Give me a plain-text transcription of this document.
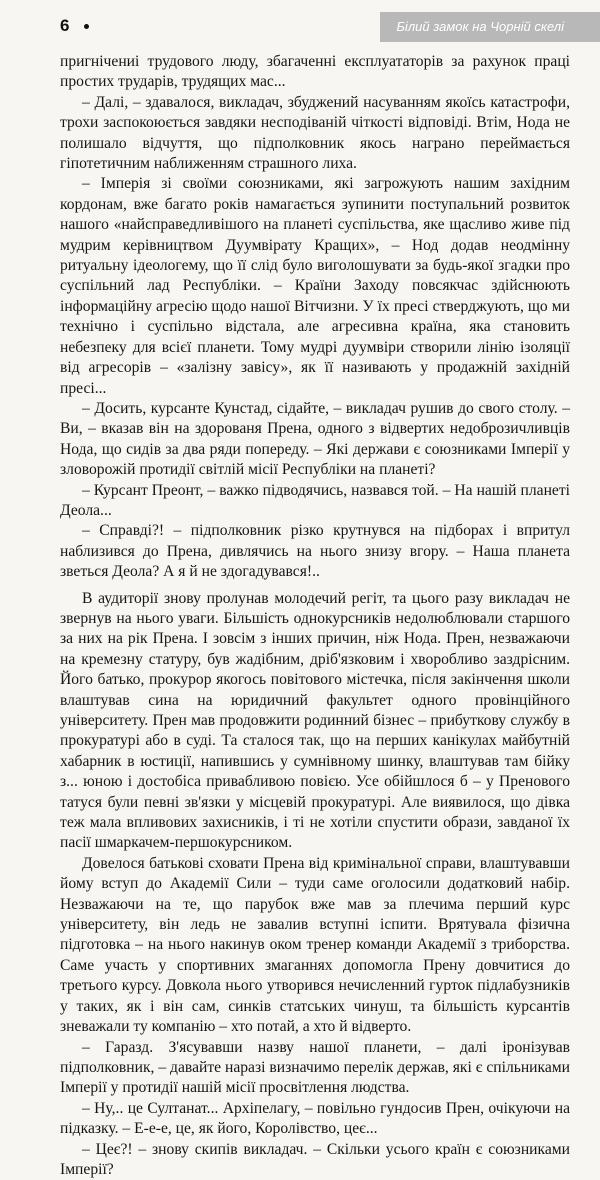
6	Білий замок на Чорній скелі

пригнічениі трудового люду, збагаченні експлуататорів за рахунок праці простих трударів, трудящих мас...

– Далі, – здавалося, викладач, збуджений насуванням якоїсь катастрофи, трохи заспокоюється завдяки несподіваній чіткості відповіді. Втім, Нода не полишало відчуття, що підполковник якось награно переймається гіпотетичним наближенням страшного лиха.

– Імперія зі своїми союзниками, які загрожують нашим західним кордонам, вже багато років намагається зупинити поступальний розвиток нашого «найсправедливішого на планеті суспільства, яке щасливо живе під мудрим керівництвом Дуумвірату Кращих», – Нод додав неодмінну ритуальну ідеологему, що її слід було виголошувати за будь-якої згадки про суспільний лад Республіки. – Країни Заходу повсякчас здійснюють інформаційну агресію щодо нашої Вітчизни. У їх пресі стверджують, що ми технічно і суспільно відстала, але агресивна країна, яка становить небезпеку для всієї планети. Тому мудрі дуумвіри створили лінію ізоляції від агресорів – «залізну завісу», як її називають у продажній західній пресі...

– Досить, курсанте Кунстад, сідайте, – викладач рушив до свого столу. – Ви, – вказав він на здорованя Прена, одного з відвертих недоброзичливців Нода, що сидів за два ряди попереду. – Які держави є союзниками Імперії у зловорожій протидії світлій місії Республіки на планеті?

– Курсант Преонт, – важко підводячись, назвався той. – На нашій планеті Деола...

– Справді?! – підполковник різко крутнувся на підборах і впритул наблизився до Прена, дивлячись на нього знизу вгору. – Наша планета зветься Деола? А я й не здогадувався!..

В аудиторії знову пролунав молодечий регіт, та цього разу викладач не звернув на нього уваги. Більшість однокурсників недолюблювали старшого за них на рік Прена. І зовсім з інших причин, ніж Нода. Прен, незважаючи на кремезну статуру, був жадібним, дріб'язковим і хворобливо заздрісним. Його батько, прокурор якогось повітового містечка, після закінчення школи влаштував сина на юридичний факультет одного провінційного університету. Прен мав продовжити родинний бізнес – прибуткову службу в прокуратурі або в суді. Та сталося так, що на перших канікулах майбутній хабарник в юстиції, напившись у сумнівному шинку, влаштував там бійку з... юною і достобіса привабливою повією. Усе обійшлося б – у Пренового татуся були певні зв'язки у місцевій прокуратурі. Але виявилося, що дівка теж мала впливових захисників, і ті не хотіли спустити образи, завданої їх пасії шмаркачем-першокурсником.

Довелося батькові сховати Прена від кримінальної справи, влаштувавши йому вступ до Академії Сили – туди саме оголосили додатковий набір. Незважаючи на те, що парубок вже мав за плечима перший курс університету, він ледь не завалив вступні іспити. Врятувала фізична підготовка – на нього накинув оком тренер команди Академії з триборства. Саме участь у спортивних змаганнях допомогла Прену довчитися до третього курсу. Довкола нього утворився нечисленний гурток підлабузників у таких, як і він сам, синків статських чинуш, та більшість курсантів зневажали ту компанію – хто потай, а хто й відверто.

– Гаразд. З'ясувавши назву нашої планети, – далі іронізував підполковник, – давайте наразі визначимо перелік держав, які є спільниками Імперії у протидії нашій місії просвітлення людства.

– Ну,.. це Султанат... Архіпелагу, – повільно гундосив Прен, очікуючи на підказку. – Е-е-е, це, як його, Королівство, цеє...

– Цеє?! – знову скипів викладач. – Скільки усього країн є союзниками Імперії?
